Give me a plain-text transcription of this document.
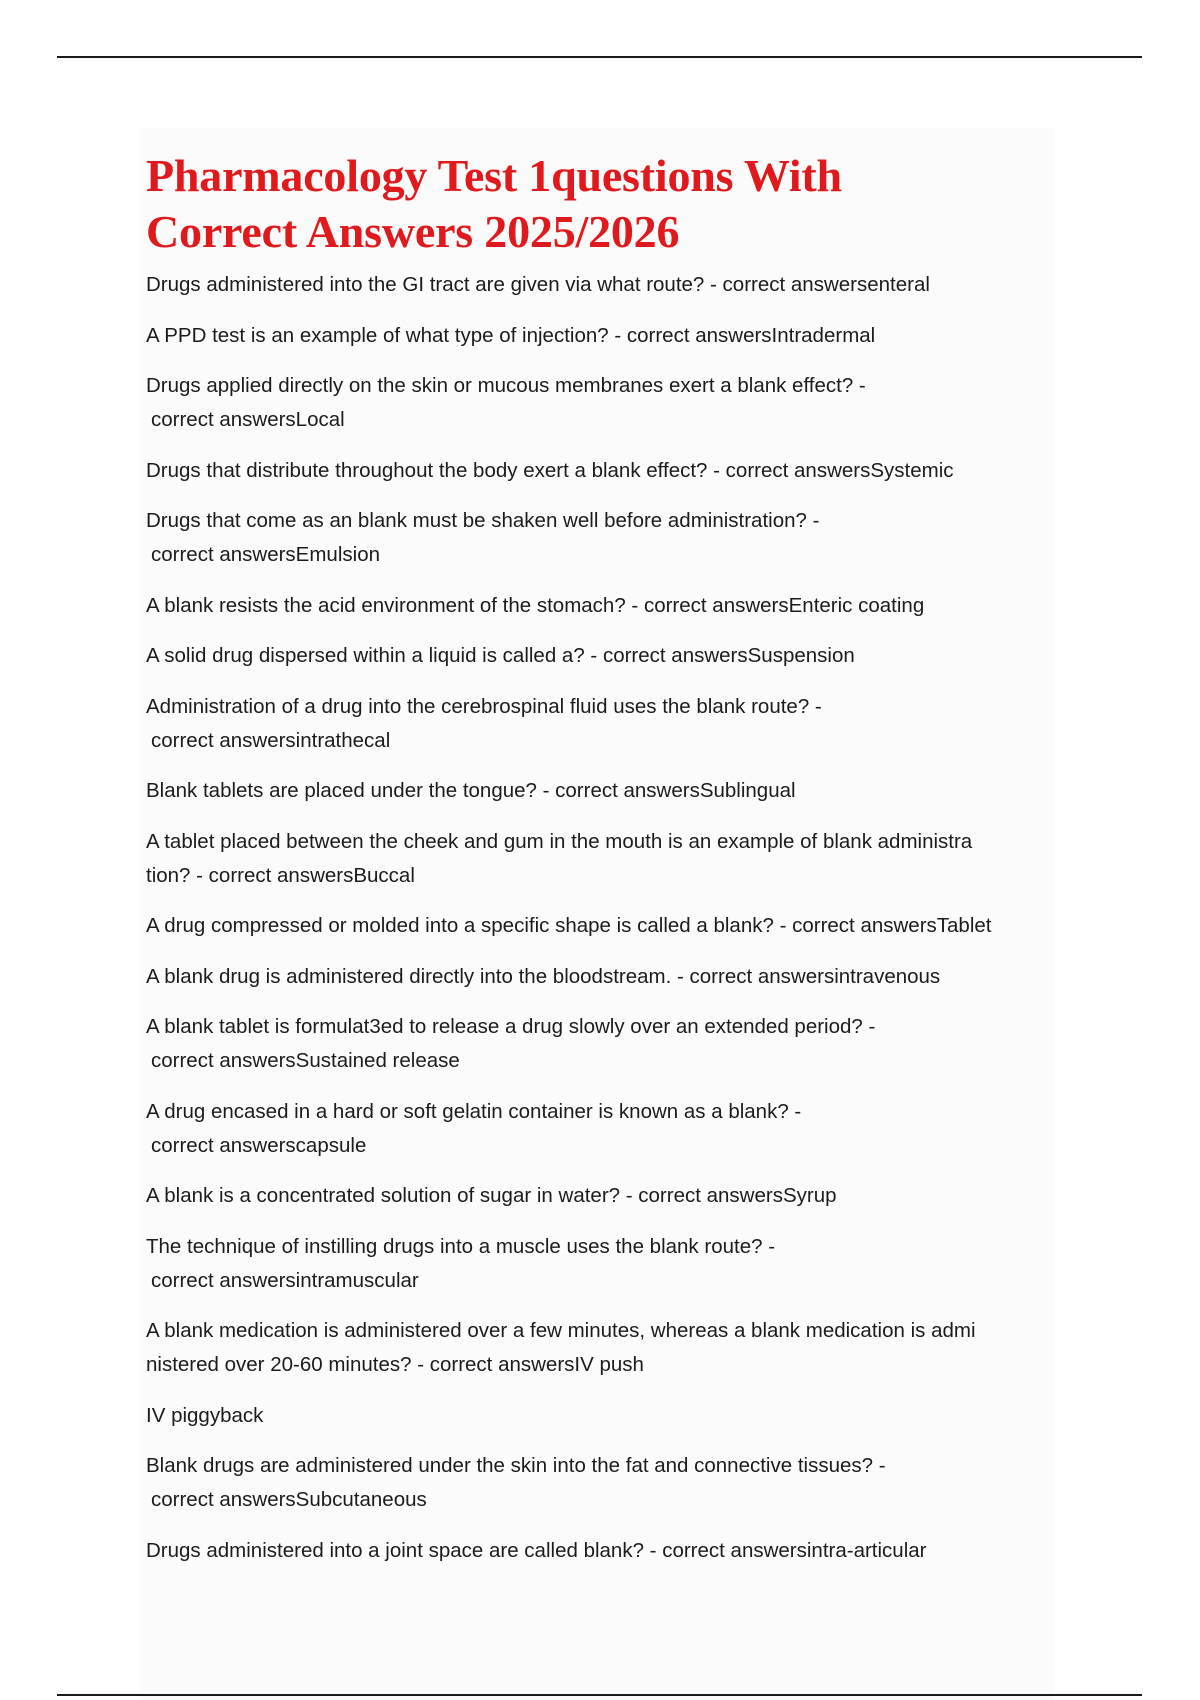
Pharmacology Test 1questions With
Correct Answers 2025/2026
Drugs administered into the GI tract are given via what route? - correct answersenteral
A PPD test is an example of what type of injection? - correct answersIntradermal
Drugs applied directly on the skin or mucous membranes exert a blank effect? -
correct answersLocal
Drugs that distribute throughout the body exert a blank effect? - correct answersSystemic
Drugs that come as an blank must be shaken well before administration? -
correct answersEmulsion
A blank resists the acid environment of the stomach? - correct answersEnteric coating
A solid drug dispersed within a liquid is called a? - correct answersSuspension
Administration of a drug into the cerebrospinal fluid uses the blank route? -
correct answersintrathecal
Blank tablets are placed under the tongue? - correct answersSublingual
A tablet placed between the cheek and gum in the mouth is an example of blank administra
tion? - correct answersBuccal
A drug compressed or molded into a specific shape is called a blank? - correct answersTablet
A blank drug is administered directly into the bloodstream. - correct answersintravenous
A blank tablet is formulat3ed to release a drug slowly over an extended period? -
correct answersSustained release
A drug encased in a hard or soft gelatin container is known as a blank? -
correct answerscapsule
A blank is a concentrated solution of sugar in water? - correct answersSyrup
The technique of instilling drugs into a muscle uses the blank route? -
correct answersintramuscular
A blank medication is administered over a few minutes, whereas a blank medication is admi
nistered over 20-60 minutes? - correct answersIV push
IV piggyback
Blank drugs are administered under the skin into the fat and connective tissues? -
correct answersSubcutaneous
Drugs administered into a joint space are called blank? - correct answersintra-articular
